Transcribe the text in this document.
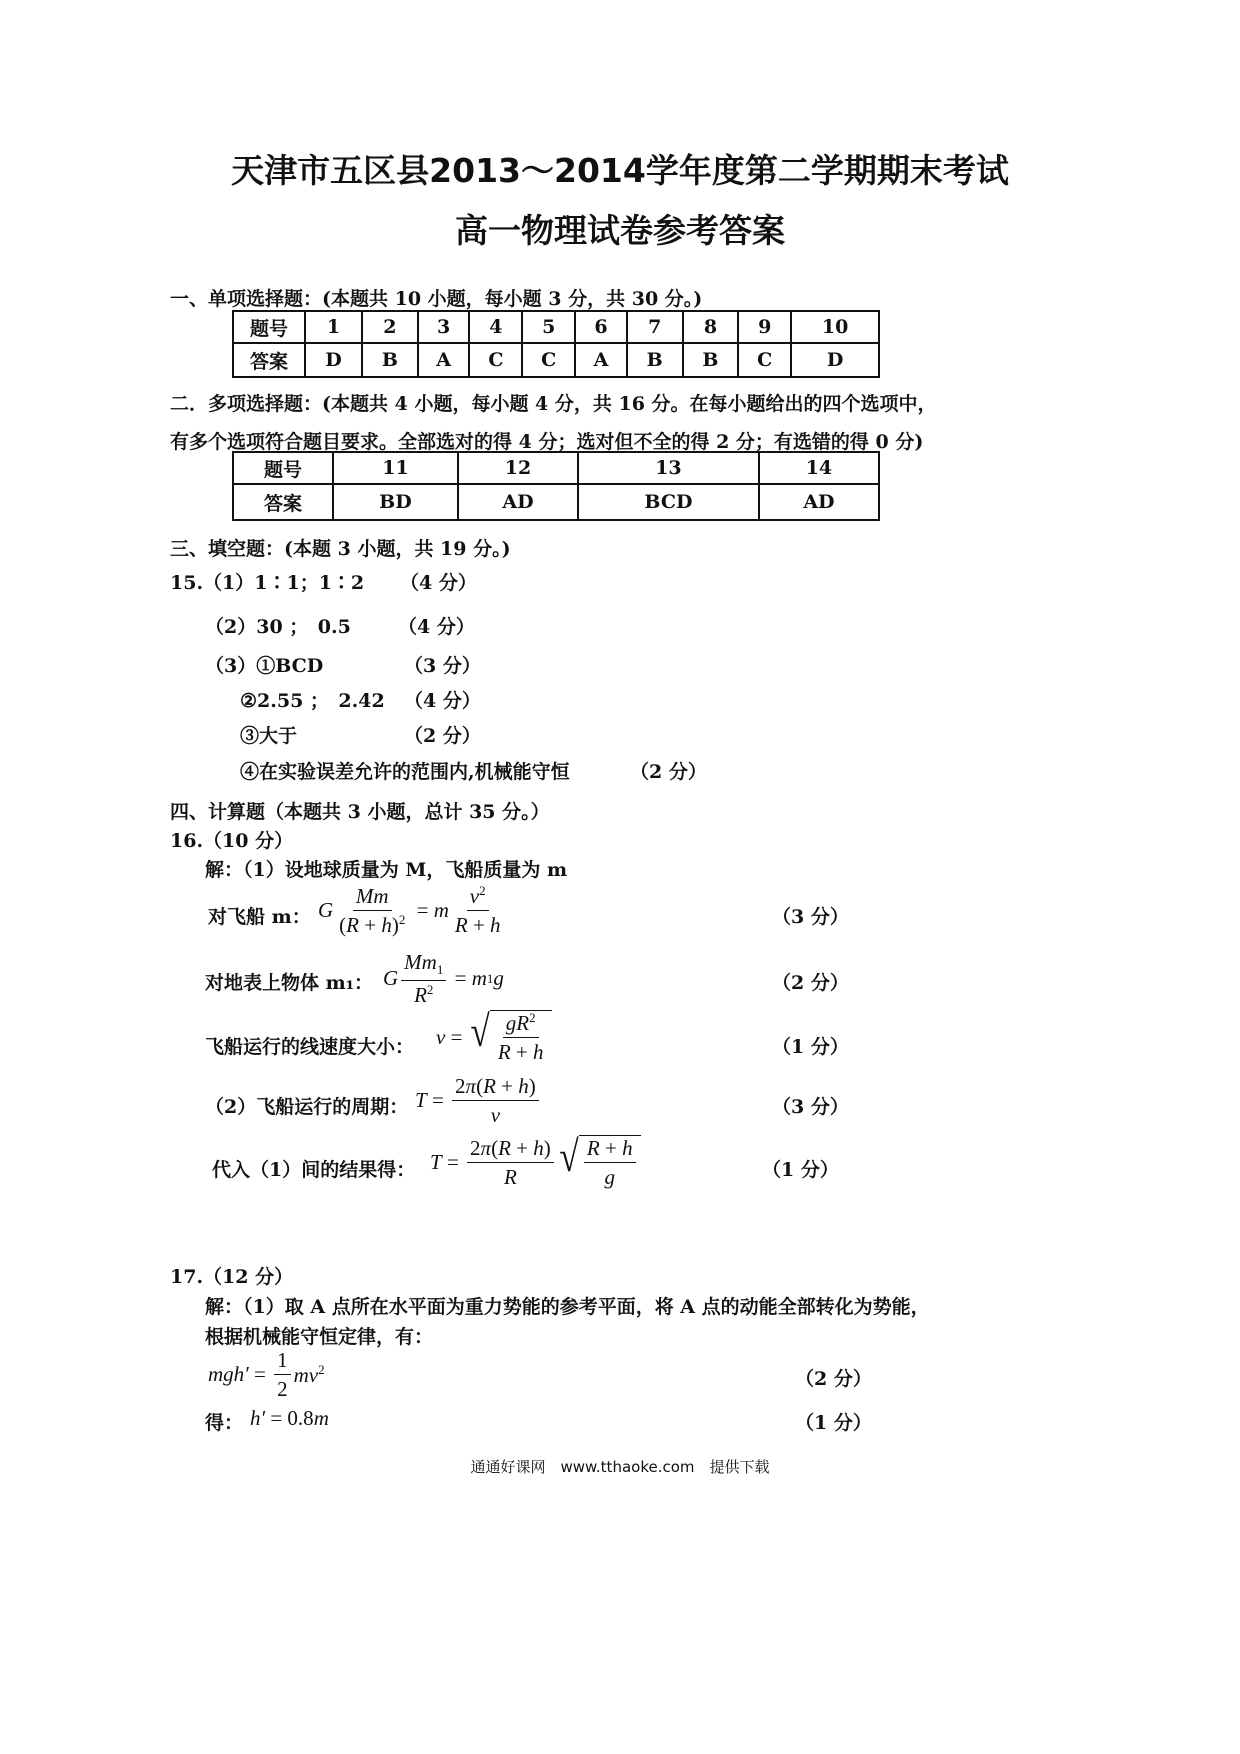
天津市五区县2013～2014学年度第二学期期末考试
高一物理试卷参考答案
一、单项选择题：(本题共 10 小题，每小题 3 分，共 30 分。)
题号	1	2	3	4	5	6	7	8	9	10
答案	D	B	A	C	C	A	B	B	C	D
二．多项选择题：(本题共 4 小题，每小题 4 分，共 16 分。在每小题给出的四个选项中，
有多个选项符合题目要求。全部选对的得 4 分；选对但不全的得 2 分；有选错的得 0 分)
题号	11	12	13	14
答案	BD	AD	BCD	AD
三、填空题：(本题 3 小题，共 19 分。)
15.（1）1∶1；1∶2 （4 分）
（2）30 ；　0.5 （4 分）
（3）①BCD	（3 分）
②2.55 ；　2.42 （4 分）
③大于	（2 分）
④在实验误差允许的范围内,机械能守恒	（2 分）
四、计算题（本题共 3 小题，总计 35 分。）
16.（10 分）
解：（1）设地球质量为 M，飞船质量为 m
对飞船 m： G $\frac{Mm}{(R + h)^2} = m \frac{v^2}{R + h}$	（3 分）
对地表上物体 m₁： G $\frac{Mm_1}{R^2} = m$ 1 g	（2 分）
飞船运行的线速度大小： v = √ $\frac{gR^2}{R + h}$	（1 分）
（2）飞船运行的周期： $T = \frac{2\pi(R + h)}{v}$	（3 分）
代入（1）间的结果得： $T = \frac{2\pi(R + h)}{R}$ √ $\frac{R + h}{g}$	（1 分）
17.（12 分）
解：（1）取 A 点所在水平面为重力势能的参考平面，将 A 点的动能全部转化为势能，
根据机械能守恒定律，有：
$mgh' = \frac{1}{2} mv^2$	（2 分）
得： h′ = 0.8m	（1 分）
通通好课网　www.tthaoke.com　提供下载
